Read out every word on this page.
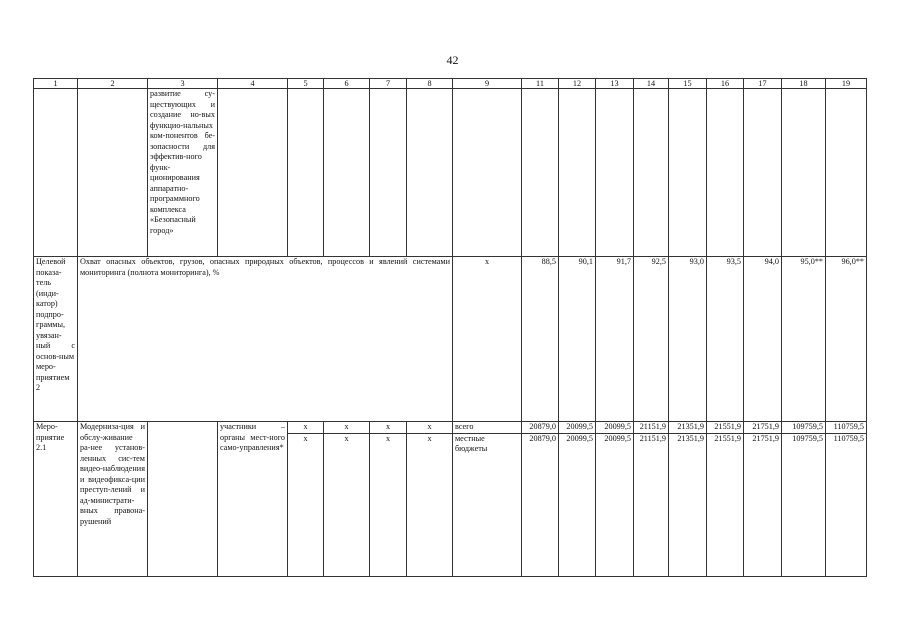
42
1	2	3	4	5	6	7	8	9	11	12	13	14	15	16	17	18	19
		развитие су-ществующих и создание но-вых функцио-нальных ком-понентов бе-зопасности для эффектив-ного функ-ционирования аппаратно-программного комплекса «Безопасный город»															
Целевой показа-тель (инди-катор) подпро-граммы, увязан-ный с основ-ным меро-приятием 2	Охват опасных объектов, грузов, опасных природных объектов, процессов и явлений системами мониторинга (полнота мониторинга), %							х	88,5	90,1	91,7	92,5	93,0	93,5	94,0	95,0**	96,0**
Меро-приятие 2.1	Модерниза-ция и обслу-живание ра-нее установ-ленных сис-тем видео-наблюдения и видеофикса-ции преступ-лений и ад-министрати-вных правона-рушений		участники – органы мест-ного само-управления*	х	х	х	х	всего	20879,0	20099,5	20099,5	21151,9	21351,9	21551,9	21751,9	109759,5	110759,5
				х	х	х	х	местные бюджеты	20879,0	20099,5	20099,5	21151,9	21351,9	21551,9	21751,9	109759,5	110759,5
